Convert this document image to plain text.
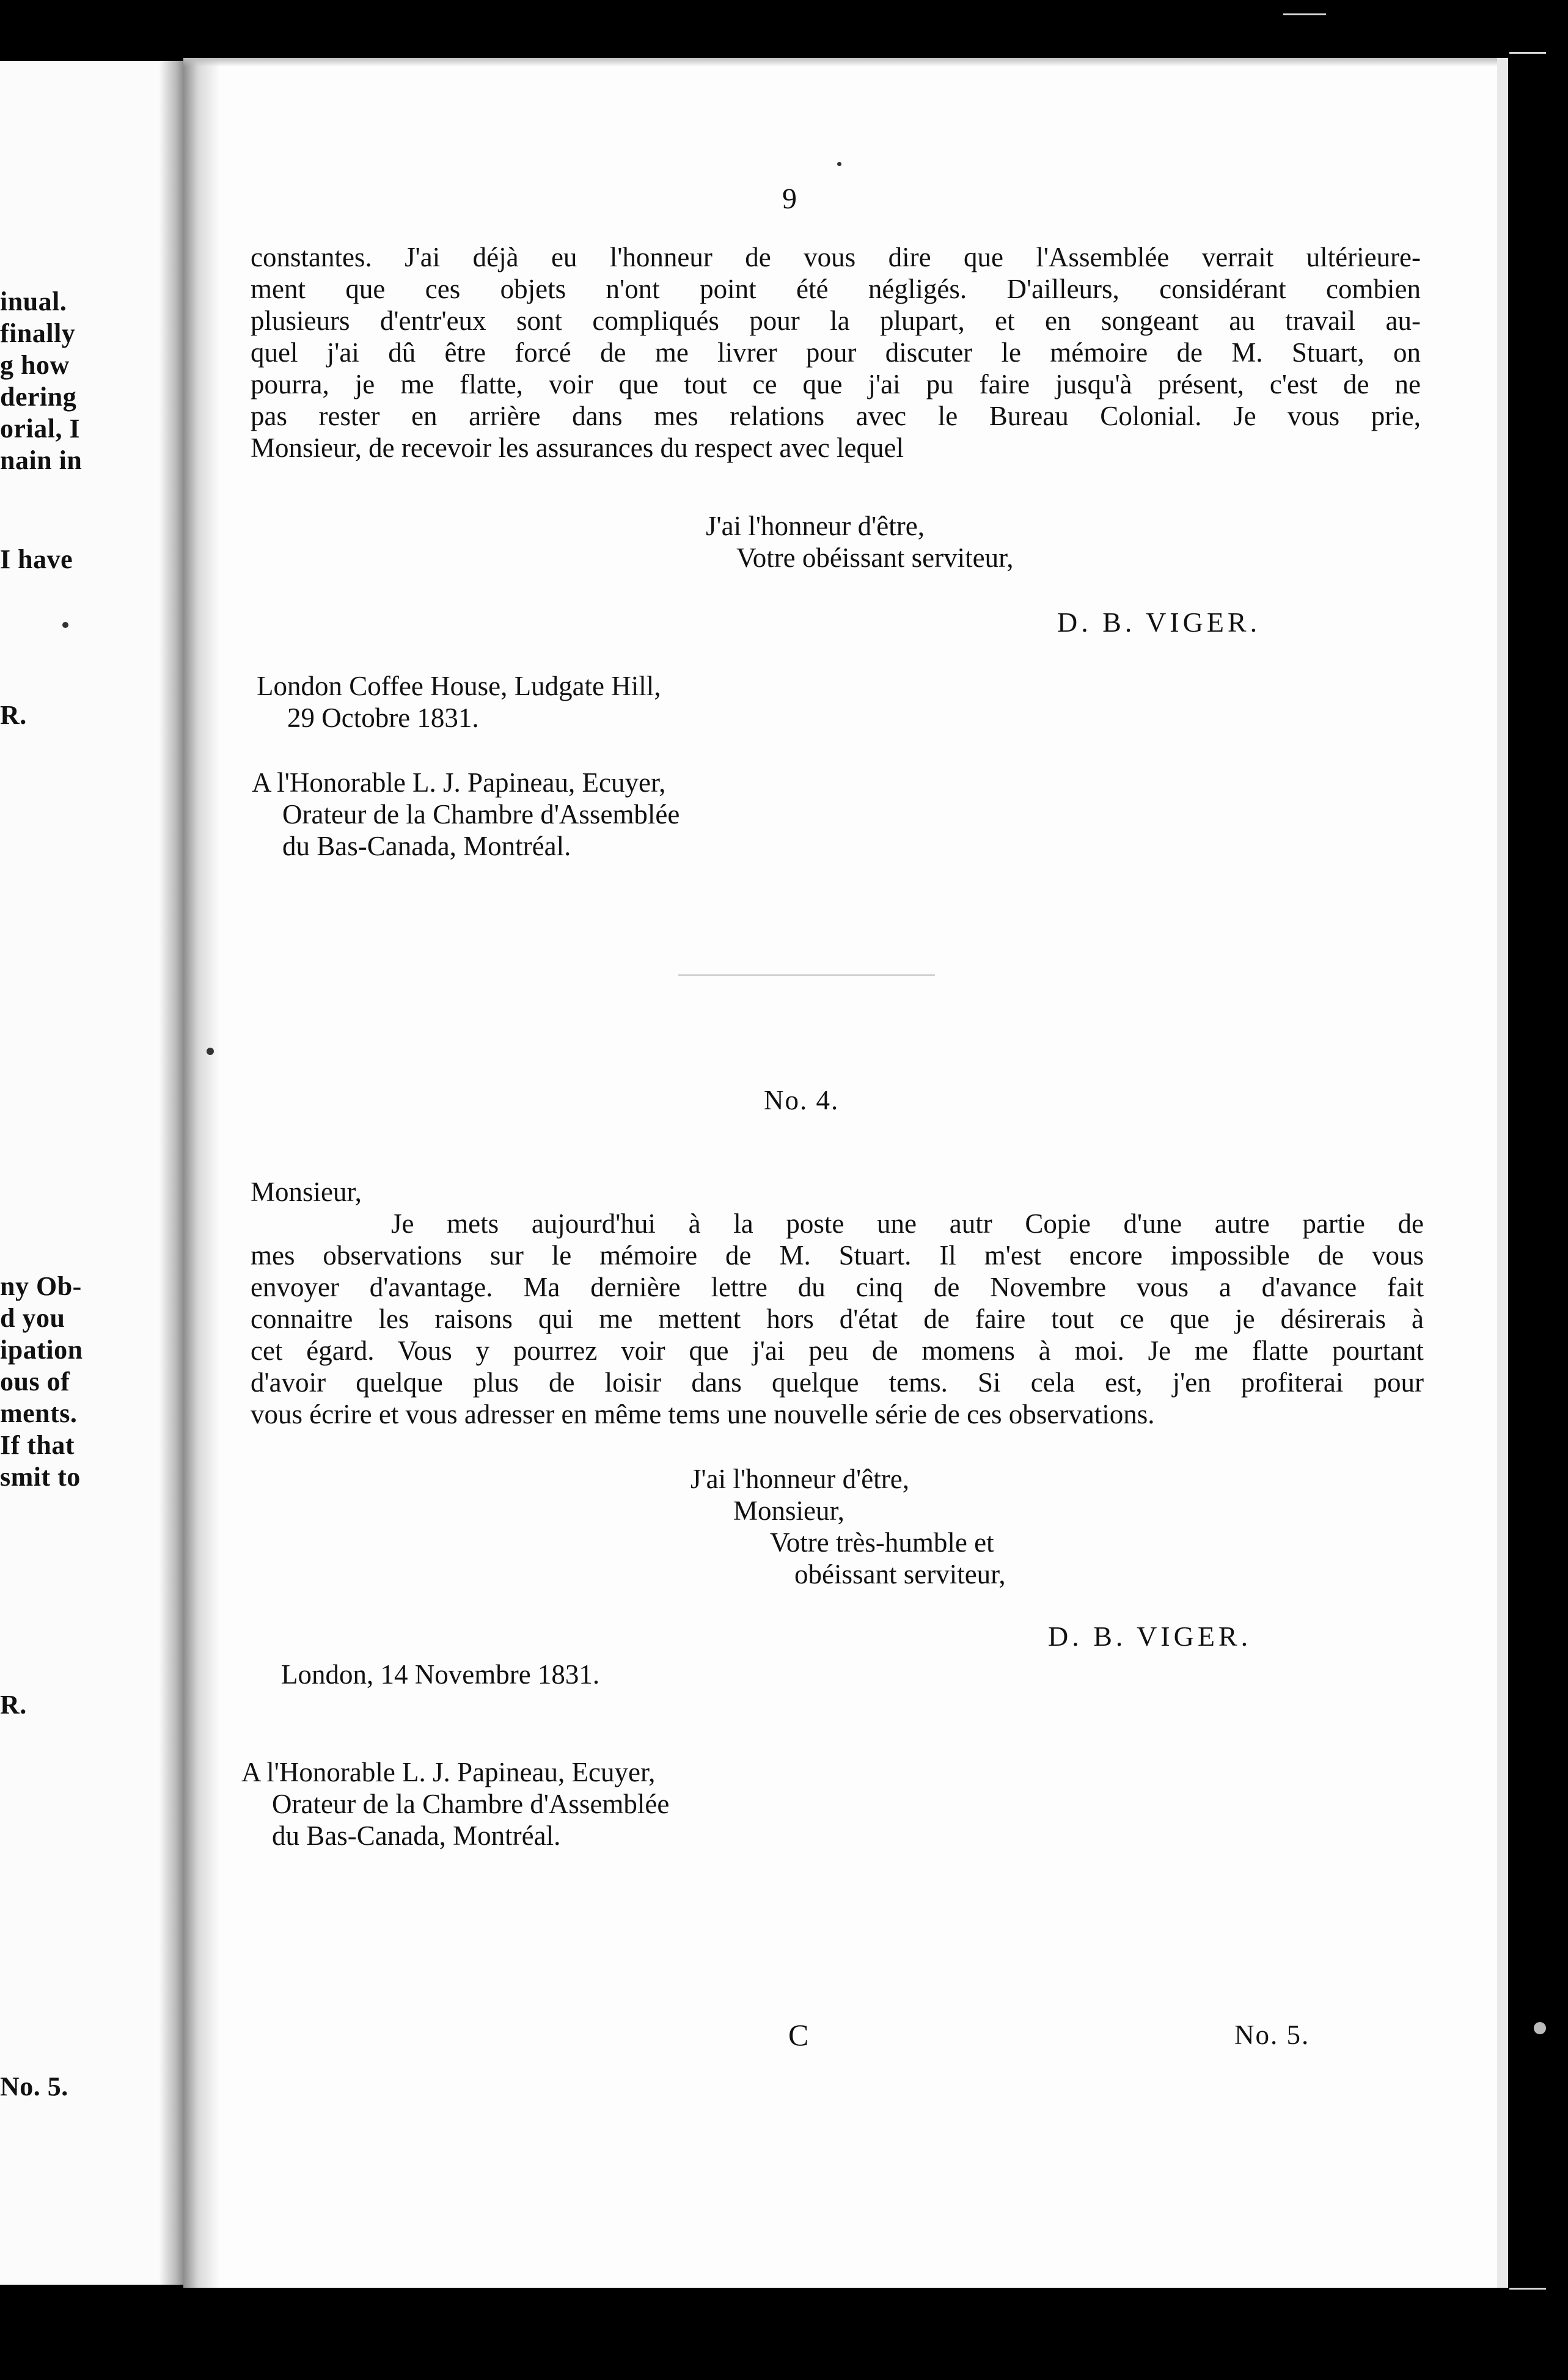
inual.
finally
g how
dering
orial, I
nain in
I have
R.
ny Ob-
d you
ipation
ous of
ments.
If that
smit to
R.
No. 5.
9
constantes. J'ai déjà eu l'honneur de vous dire que l'Assemblée verrait ultérieure-
ment que ces objets n'ont point été négligés. D'ailleurs, considérant combien
plusieurs d'entr'eux sont compliqués pour la plupart, et en songeant au travail au-
quel j'ai dû être forcé de me livrer pour discuter le mémoire de M. Stuart, on
pourra, je me flatte, voir que tout ce que j'ai pu faire jusqu'à présent, c'est de ne
pas rester en arrière dans mes relations avec le Bureau Colonial. Je vous prie,
Monsieur, de recevoir les assurances du respect avec lequel
J'ai l'honneur d'être,
Votre obéissant serviteur,
D. B. VIGER.
London Coffee House, Ludgate Hill,
29 Octobre 1831.
A l'Honorable L. J. Papineau, Ecuyer,
Orateur de la Chambre d'Assemblée
du Bas-Canada, Montréal.
No. 4.
Monsieur,
Je mets aujourd'hui à la poste une autr Copie d'une autre partie de
mes observations sur le mémoire de M. Stuart. Il m'est encore impossible de vous
envoyer d'avantage. Ma dernière lettre du cinq de Novembre vous a d'avance fait
connaitre les raisons qui me mettent hors d'état de faire tout ce que je désirerais à
cet égard. Vous y pourrez voir que j'ai peu de momens à moi. Je me flatte pourtant
d'avoir quelque plus de loisir dans quelque tems. Si cela est, j'en profiterai pour
vous écrire et vous adresser en même tems une nouvelle série de ces observations.
J'ai l'honneur d'être,
Monsieur,
Votre très-humble et
obéissant serviteur,
D. B. VIGER.
London, 14 Novembre 1831.
A l'Honorable L. J. Papineau, Ecuyer,
Orateur de la Chambre d'Assemblée
du Bas-Canada, Montréal.
C	No. 5.
